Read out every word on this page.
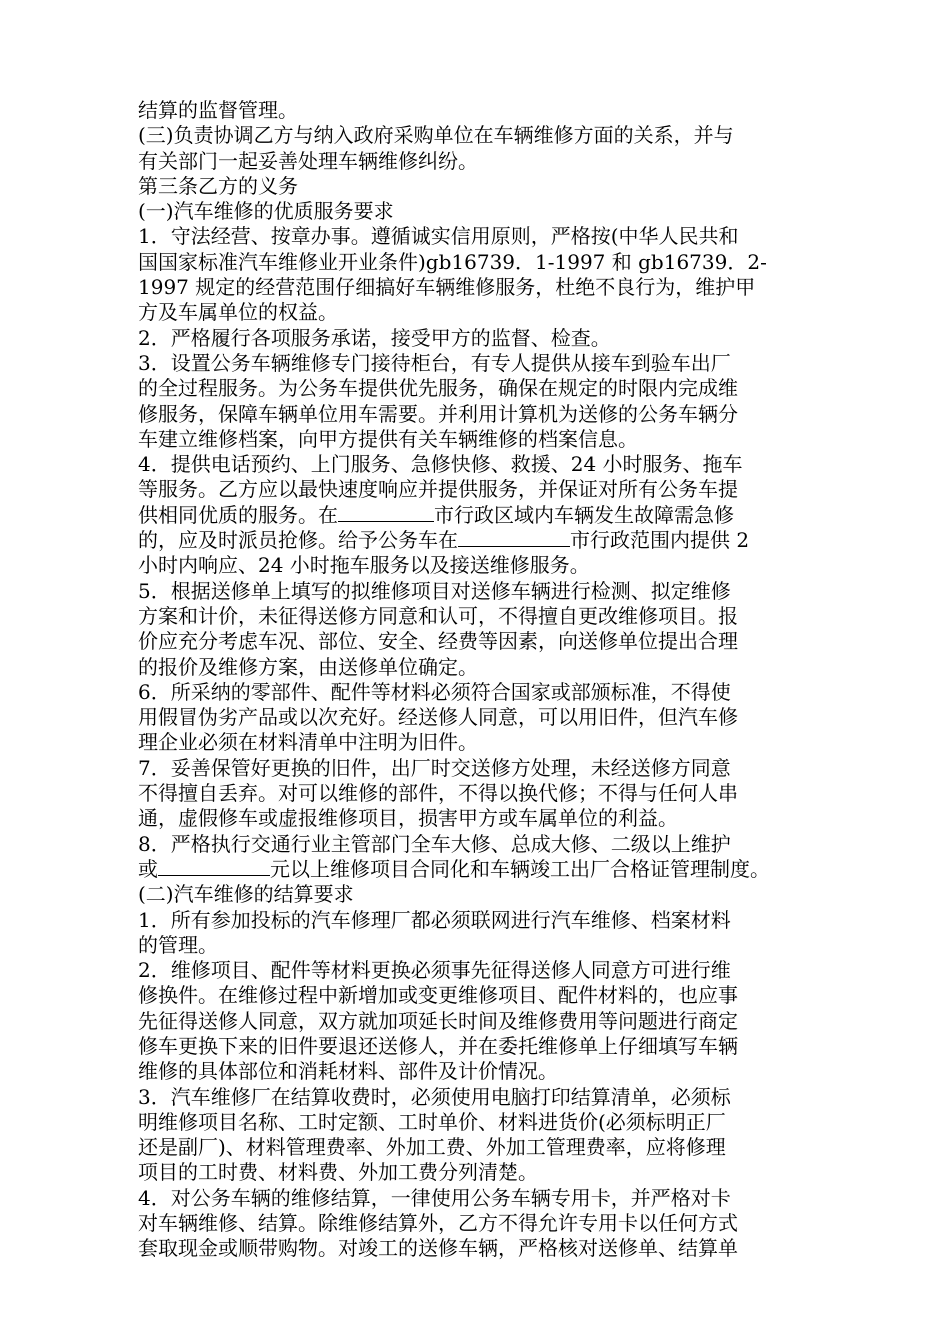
结算的监督管理。
(三)负责协调乙方与纳入政府采购单位在车辆维修方面的关系，并与
有关部门一起妥善处理车辆维修纠纷。
第三条乙方的义务
(一)汽车维修的优质服务要求
1．守法经营、按章办事。遵循诚实信用原则，严格按(中华人民共和
国国家标准汽车维修业开业条件)gb16739．1-1997 和 gb16739．2-
1997 规定的经营范围仔细搞好车辆维修服务，杜绝不良行为，维护甲
方及车属单位的权益。
2．严格履行各项服务承诺，接受甲方的监督、检查。
3．设置公务车辆维修专门接待柜台，有专人提供从接车到验车出厂
的全过程服务。为公务车提供优先服务，确保在规定的时限内完成维
修服务，保障车辆单位用车需要。并利用计算机为送修的公务车辆分
车建立维修档案，向甲方提供有关车辆维修的档案信息。
4．提供电话预约、上门服务、急修快修、救援、24 小时服务、拖车
等服务。乙方应以最快速度响应并提供服务，并保证对所有公务车提
供相同优质的服务。在	市行政区域内车辆发生故障需急修
的，应及时派员抢修。给予公务车在	市行政范围内提供 2
小时内响应、24 小时拖车服务以及接送维修服务。
5．根据送修单上填写的拟维修项目对送修车辆进行检测、拟定维修
方案和计价，未征得送修方同意和认可，不得擅自更改维修项目。报
价应充分考虑车况、部位、安全、经费等因素，向送修单位提出合理
的报价及维修方案，由送修单位确定。
6．所采纳的零部件、配件等材料必须符合国家或部颁标准，不得使
用假冒伪劣产品或以次充好。经送修人同意，可以用旧件，但汽车修
理企业必须在材料清单中注明为旧件。
7．妥善保管好更换的旧件，出厂时交送修方处理，未经送修方同意
不得擅自丢弃。对可以维修的部件，不得以换代修；不得与任何人串
通，虚假修车或虚报维修项目，损害甲方或车属单位的利益。
8．严格执行交通行业主管部门全车大修、总成大修、二级以上维护
或	元以上维修项目合同化和车辆竣工出厂合格证管理制度。
(二)汽车维修的结算要求
1．所有参加投标的汽车修理厂都必须联网进行汽车维修、档案材料
的管理。
2．维修项目、配件等材料更换必须事先征得送修人同意方可进行维
修换件。在维修过程中新增加或变更维修项目、配件材料的，也应事
先征得送修人同意，双方就加项延长时间及维修费用等问题进行商定
修车更换下来的旧件要退还送修人，并在委托维修单上仔细填写车辆
维修的具体部位和消耗材料、部件及计价情况。
3．汽车维修厂在结算收费时，必须使用电脑打印结算清单，必须标
明维修项目名称、工时定额、工时单价、材料进货价(必须标明正厂
还是副厂)、材料管理费率、外加工费、外加工管理费率，应将修理
项目的工时费、材料费、外加工费分列清楚。
4．对公务车辆的维修结算，一律使用公务车辆专用卡，并严格对卡
对车辆维修、结算。除维修结算外，乙方不得允许专用卡以任何方式
套取现金或顺带购物。对竣工的送修车辆，严格核对送修单、结算单
